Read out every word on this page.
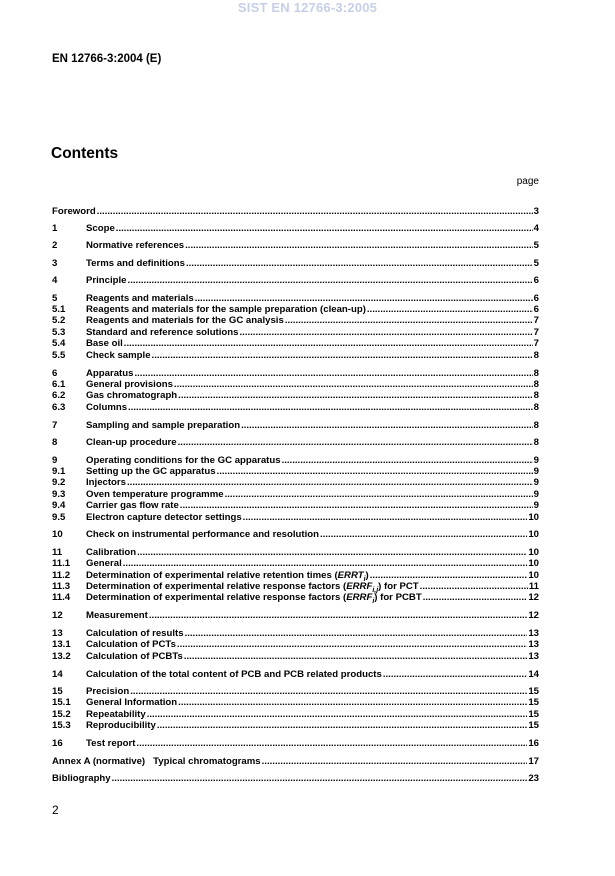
SIST EN 12766-3:2005
EN 12766-3:2004 (E)
Contents
page
Foreword .....	3
1	Scope .....	4
2	Normative references .....	5
3	Terms and definitions .....	5
4	Principle .....	6
5	Reagents and materials .....	6
5.1	Reagents and materials for the sample preparation (clean-up) .....	6
5.2	Reagents and materials for the GC analysis .....	7
5.3	Standard and reference solutions .....	7
5.4	Base oil .....	7
5.5	Check sample .....	8
6	Apparatus .....	8
6.1	General provisions .....	8
6.2	Gas chromatograph .....	8
6.3	Columns .....	8
7	Sampling and sample preparation .....	8
8	Clean-up procedure .....	8
9	Operating conditions for the GC apparatus .....	9
9.1	Setting up the GC apparatus .....	9
9.2	Injectors .....	9
9.3	Oven temperature programme .....	9
9.4	Carrier gas flow rate .....	9
9.5	Electron capture detector settings .....	10
10	Check on instrumental performance and resolution .....	10
11	Calibration .....	10
11.1	General .....	10
11.2	Determination of experimental relative retention times $(ERRT_i)$ .....	10
11.3	Determination of experimental relative response factors $(ERRF_{i,j})$ for PCT .....	11
11.4	Determination of experimental relative response factors $(ERRF_i)$ for PCBT .....	12
12	Measurement .....	12
13	Calculation of results .....	13
13.1	Calculation of PCTs .....	13
13.2	Calculation of PCBTs .....	13
14	Calculation of the total content of PCB and PCB related products .....	14
15	Precision .....	15
15.1	General Information .....	15
15.2	Repeatability .....	15
15.3	Reproducibility .....	15
16	Test report .....	16
Annex A (normative)   Typical chromatograms .....	17
Bibliography .....	23
2
